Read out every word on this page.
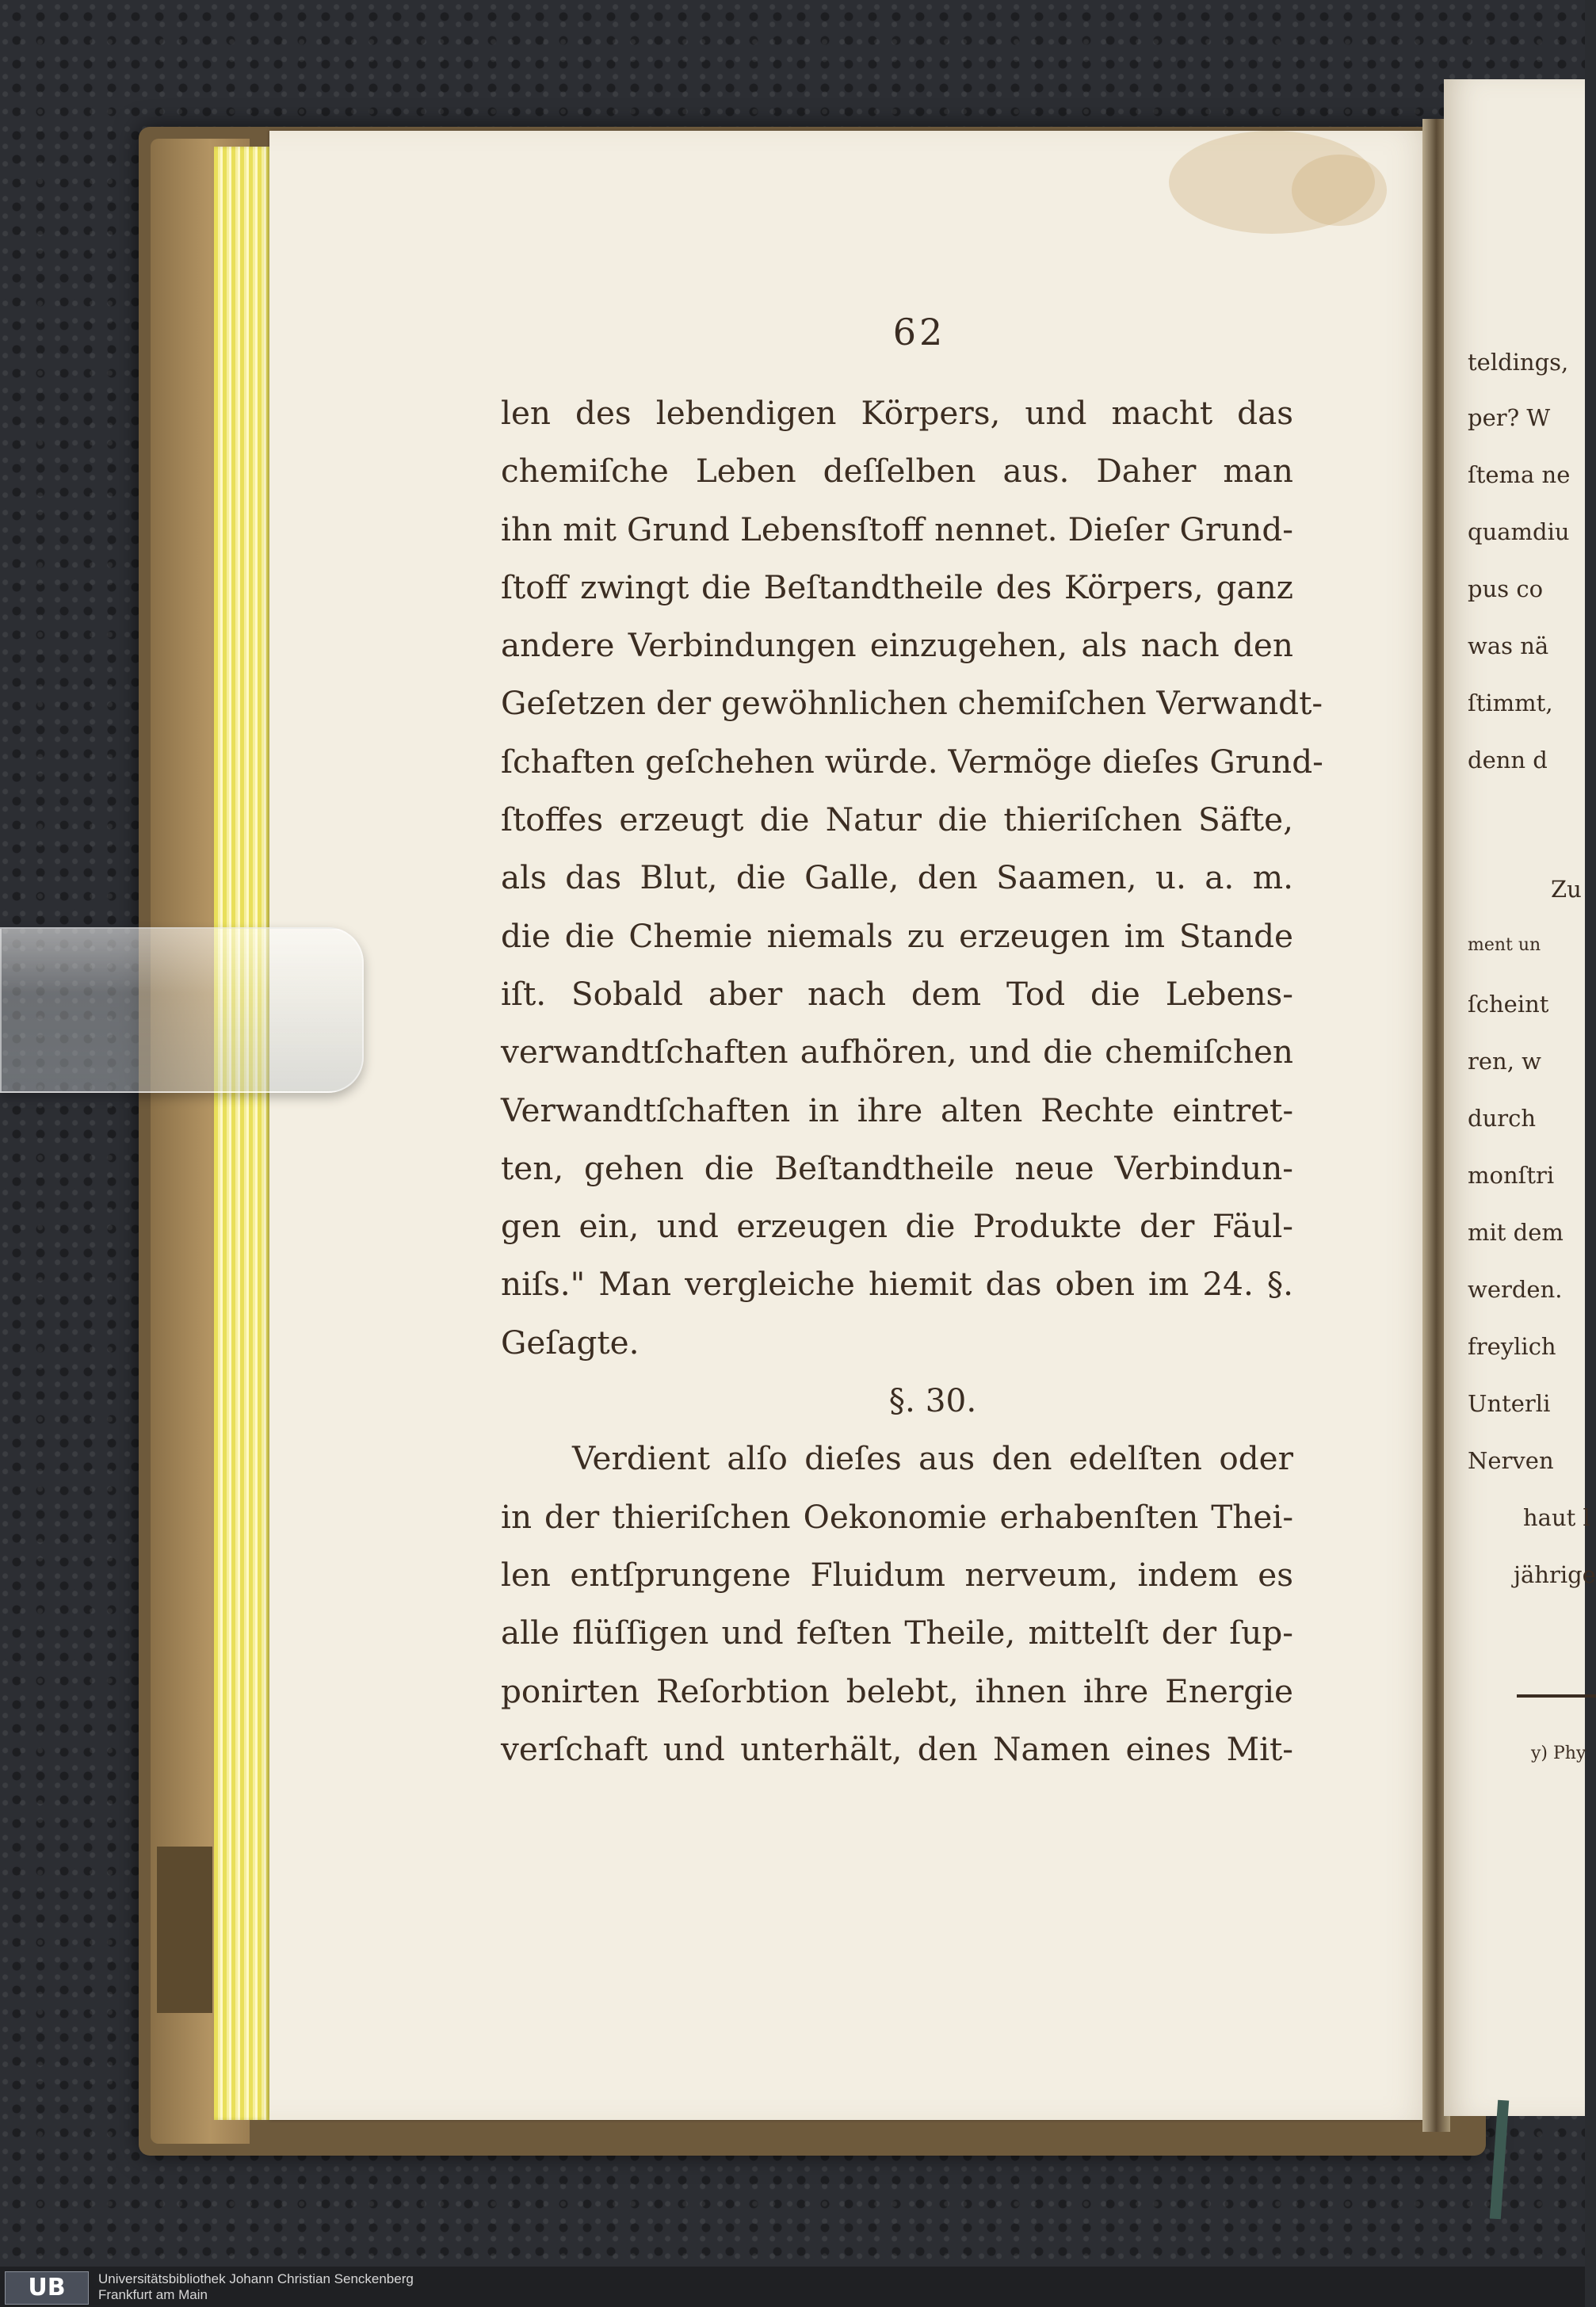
teldings,
per? W
ſtema ne
quamdiu
pus co
was nä
ſtimmt,
denn d
Zu
ment un
ſcheint
ren, w
durch
monſtri
mit dem
werden.
freylich
Unterli
Nerven
haut l
jährige
y) Phy
62
len des lebendigen Körpers, und macht das
chemiſche Leben deſſelben aus. Daher man
ihn mit Grund Lebensſtoff nennet. Dieſer Grund-
ſtoff zwingt die Beſtandtheile des Körpers, ganz
andere Verbindungen einzugehen, als nach den
Geſetzen der gewöhnlichen chemiſchen Verwandt-
ſchaften geſchehen würde. Vermöge dieſes Grund-
ſtoffes erzeugt die Natur die thieriſchen Säfte,
als das Blut, die Galle, den Saamen, u. a. m.
die die Chemie niemals zu erzeugen im Stande
iſt. Sobald aber nach dem Tod die Lebens-
verwandtſchaften aufhören, und die chemiſchen
Verwandtſchaften in ihre alten Rechte eintret-
ten, gehen die Beſtandtheile neue Verbindun-
gen ein, und erzeugen die Produkte der Fäul-
niſs." Man vergleiche hiemit das oben im 24. §.
Geſagte.
§. 30.
Verdient alſo dieſes aus den edelſten oder
in der thieriſchen Oekonomie erhabenſten Thei-
len entſprungene Fluidum nerveum, indem es
alle flüſſigen und feſten Theile, mittelſt der ſup-
ponirten Reſorbtion belebt, ihnen ihre Energie
verſchaft und unterhält, den Namen eines Mit-
UB	Universitätsbibliothek Johann Christian Senckenberg
Frankfurt am Main
